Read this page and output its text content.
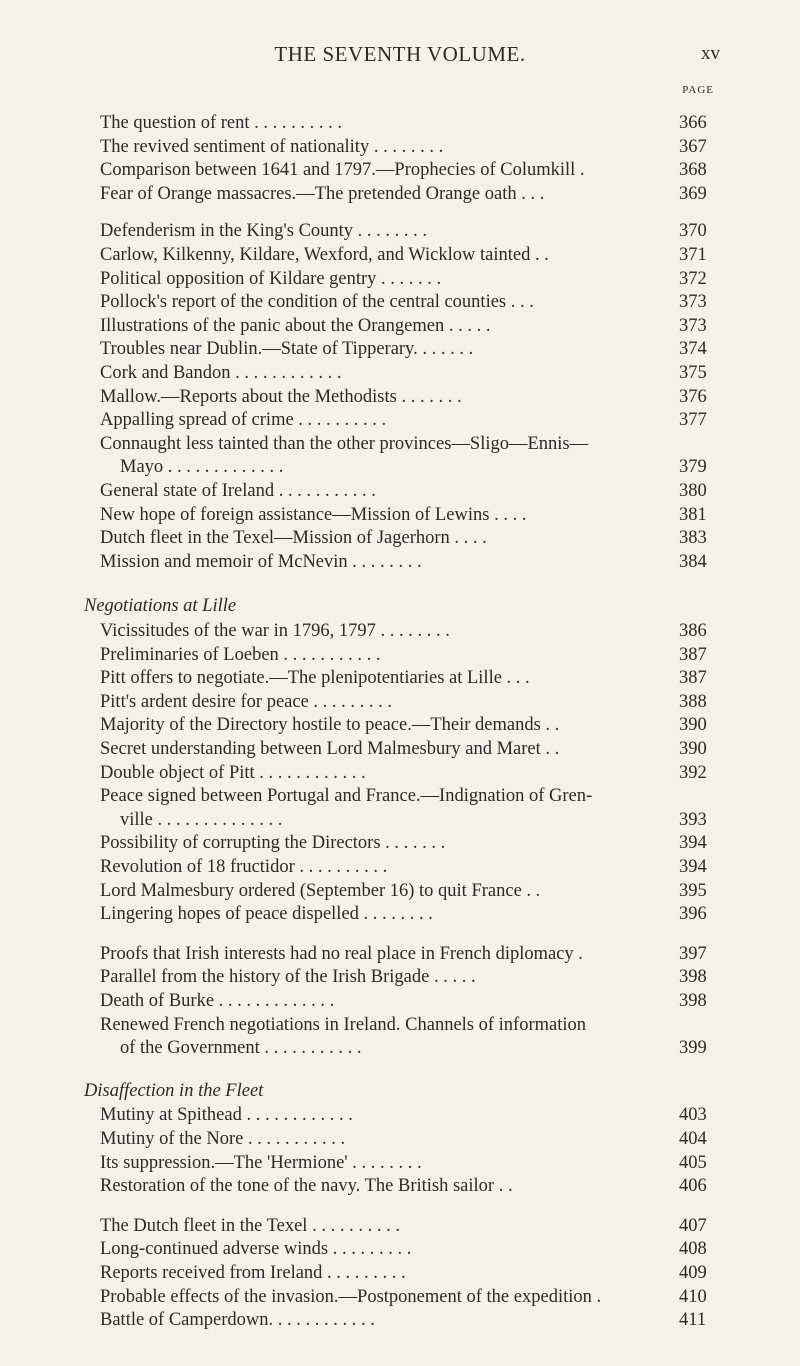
THE SEVENTH VOLUME.	xv
PAGE
The question of rent . . . . . . . . . .	366
The revived sentiment of nationality . . . . . . . .	367
Comparison between 1641 and 1797.—Prophecies of Columkill .	368
Fear of Orange massacres.—The pretended Orange oath . . .	369
Defenderism in the King's County . . . . . . . .	370
Carlow, Kilkenny, Kildare, Wexford, and Wicklow tainted . .	371
Political opposition of Kildare gentry . . . . . . .	372
Pollock's report of the condition of the central counties . . .	373
Illustrations of the panic about the Orangemen . . . . .	373
Troubles near Dublin.—State of Tipperary. . . . . . .	374
Cork and Bandon . . . . . . . . . . . .	375
Mallow.—Reports about the Methodists . . . . . . .	376
Appalling spread of crime . . . . . . . . . .	377
Connaught less tainted than the other provinces—Sligo—Ennis—
Mayo . . . . . . . . . . . . .	379
General state of Ireland . . . . . . . . . . .	380
New hope of foreign assistance—Mission of Lewins . . . .	381
Dutch fleet in the Texel—Mission of Jagerhorn . . . .	383
Mission and memoir of McNevin . . . . . . . .	384
Negotiations at Lille
Vicissitudes of the war in 1796, 1797 . . . . . . . .	386
Preliminaries of Loeben . . . . . . . . . . .	387
Pitt offers to negotiate.—The plenipotentiaries at Lille . . .	387
Pitt's ardent desire for peace . . . . . . . . .	388
Majority of the Directory hostile to peace.—Their demands . .	390
Secret understanding between Lord Malmesbury and Maret . .	390
Double object of Pitt . . . . . . . . . . . .	392
Peace signed between Portugal and France.—Indignation of Gren-
ville . . . . . . . . . . . . . .	393
Possibility of corrupting the Directors . . . . . . .	394
Revolution of 18 fructidor . . . . . . . . . .	394
Lord Malmesbury ordered (September 16) to quit France . .	395
Lingering hopes of peace dispelled . . . . . . . .	396
Proofs that Irish interests had no real place in French diplomacy .	397
Parallel from the history of the Irish Brigade . . . . .	398
Death of Burke . . . . . . . . . . . . .	398
Renewed French negotiations in Ireland. Channels of information
of the Government . . . . . . . . . . .	399
Disaffection in the Fleet
Mutiny at Spithead . . . . . . . . . . . .	403
Mutiny of the Nore . . . . . . . . . . .	404
Its suppression.—The 'Hermione' . . . . . . . .	405
Restoration of the tone of the navy. The British sailor . .	406
The Dutch fleet in the Texel . . . . . . . . . .	407
Long-continued adverse winds . . . . . . . . .	408
Reports received from Ireland . . . . . . . . .	409
Probable effects of the invasion.—Postponement of the expedition .	410
Battle of Camperdown. . . . . . . . . . . .	411
